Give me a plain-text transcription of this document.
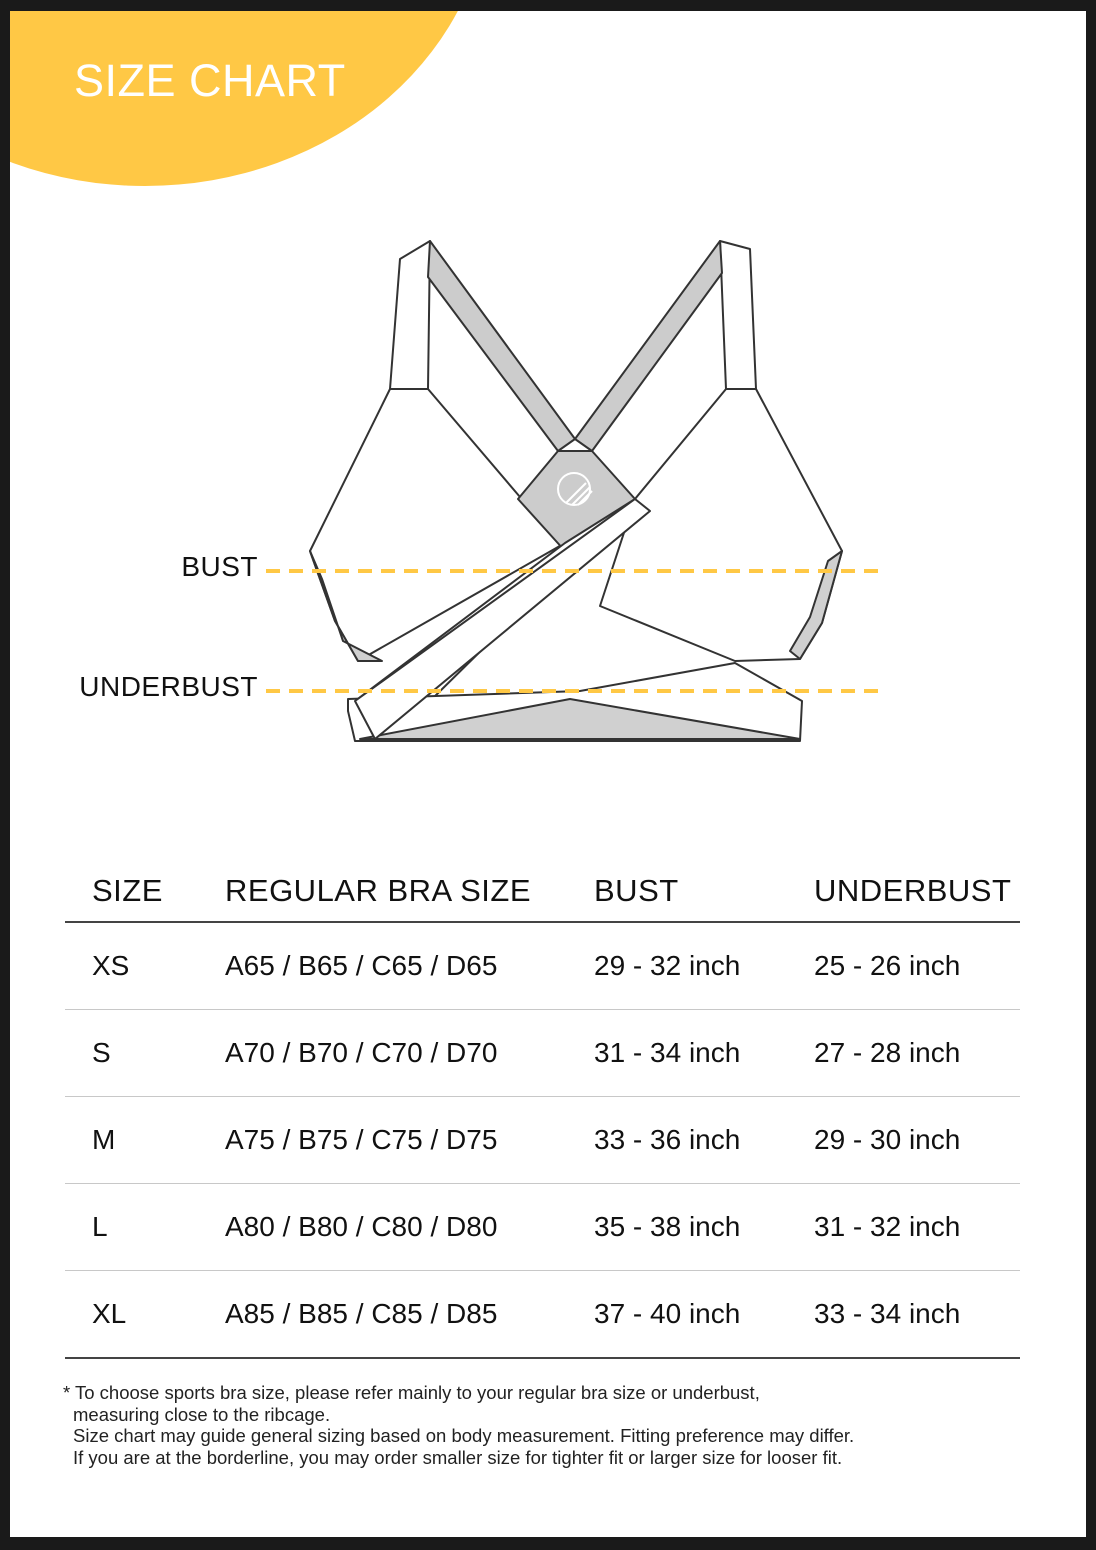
SIZE CHART
BUST
UNDERBUST
SIZE	REGULAR BRA SIZE	BUST	UNDERBUST
XS	A65 / B65 / C65 / D65	29 - 32 inch	25 - 26 inch
S	A70 / B70 / C70 / D70	31 - 34 inch	27 - 28 inch
M	A75 / B75 / C75 / D75	33 - 36 inch	29 - 30 inch
L	A80 / B80 / C80 / D80	35 - 38 inch	31 - 32 inch
XL	A85 / B85 / C85 / D85	37 - 40 inch	33 - 34 inch

* To choose sports bra size, please refer mainly to your regular bra size or underbust,

measuring close to the ribcage.

Size chart may guide general sizing based on body measurement. Fitting preference may differ.

If you are at the borderline, you may order smaller size for tighter fit or larger size for looser fit.
